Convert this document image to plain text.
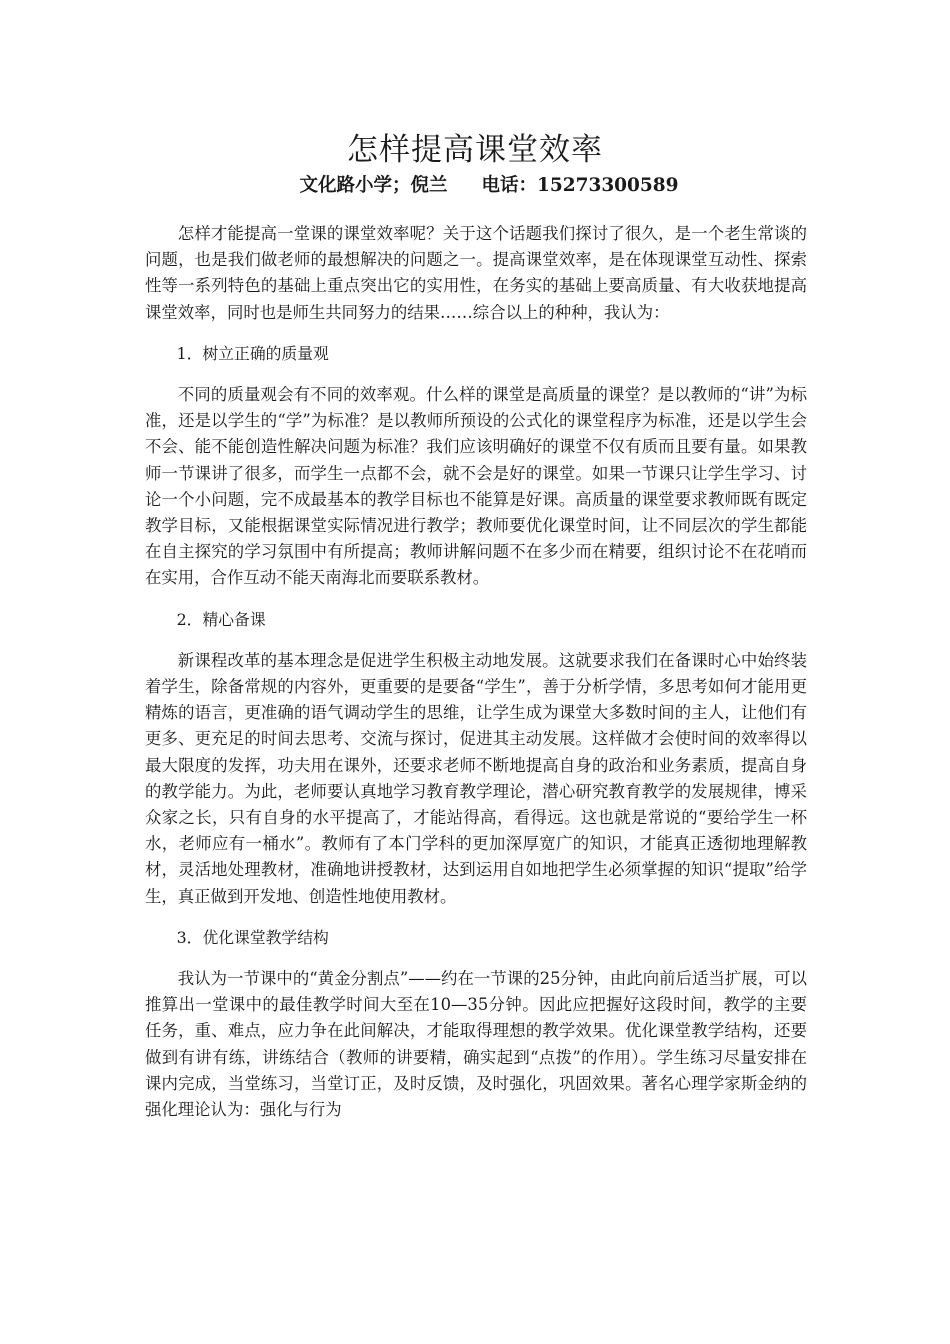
怎样提高课堂效率
文化路小学；倪兰 电话：15273300589

怎样才能提高一堂课的课堂效率呢？关于这个话题我们探讨了很久，是一个老生常谈的问题，也是我们做老师的最想解决的问题之一。提高课堂效率，是在体现课堂互动性、探索性等一系列特色的基础上重点突出它的实用性，在务实的基础上要高质量、有大收获地提高课堂效率，同时也是师生共同努力的结果……综合以上的种种，我认为：

1．树立正确的质量观

不同的质量观会有不同的效率观。什么样的课堂是高质量的课堂？是以教师的“讲”为标准，还是以学生的“学”为标准？是以教师所预设的公式化的课堂程序为标准，还是以学生会不会、能不能创造性解决问题为标准？我们应该明确好的课堂不仅有质而且要有量。如果教师一节课讲了很多，而学生一点都不会，就不会是好的课堂。如果一节课只让学生学习、讨论一个小问题，完不成最基本的教学目标也不能算是好课。高质量的课堂要求教师既有既定教学目标，又能根据课堂实际情况进行教学；教师要优化课堂时间，让不同层次的学生都能在自主探究的学习氛围中有所提高；教师讲解问题不在多少而在精要，组织讨论不在花哨而在实用，合作互动不能天南海北而要联系教材。

2．精心备课

新课程改革的基本理念是促进学生积极主动地发展。这就要求我们在备课时心中始终装着学生，除备常规的内容外，更重要的是要备“学生”，善于分析学情，多思考如何才能用更精炼的语言，更准确的语气调动学生的思维，让学生成为课堂大多数时间的主人，让他们有更多、更充足的时间去思考、交流与探讨，促进其主动发展。这样做才会使时间的效率得以最大限度的发挥，功夫用在课外，还要求老师不断地提高自身的政治和业务素质，提高自身的教学能力。为此，老师要认真地学习教育教学理论，潜心研究教育教学的发展规律，博采众家之长，只有自身的水平提高了，才能站得高，看得远。这也就是常说的“要给学生一杯水，老师应有一桶水”。教师有了本门学科的更加深厚宽广的知识，才能真正透彻地理解教材，灵活地处理教材，准确地讲授教材，达到运用自如地把学生必须掌握的知识“提取”给学生，真正做到开发地、创造性地使用教材。

3．优化课堂教学结构

我认为一节课中的“黄金分割点”——约在一节课的25分钟，由此向前后适当扩展，可以推算出一堂课中的最佳教学时间大至在10—35分钟。因此应把握好这段时间，教学的主要任务，重、难点，应力争在此间解决，才能取得理想的教学效果。优化课堂教学结构，还要做到有讲有练，讲练结合（教师的讲要精，确实起到“点拨”的作用）。学生练习尽量安排在课内完成，当堂练习，当堂订正，及时反馈，及时强化，巩固效果。著名心理学家斯金纳的强化理论认为：强化与行为
